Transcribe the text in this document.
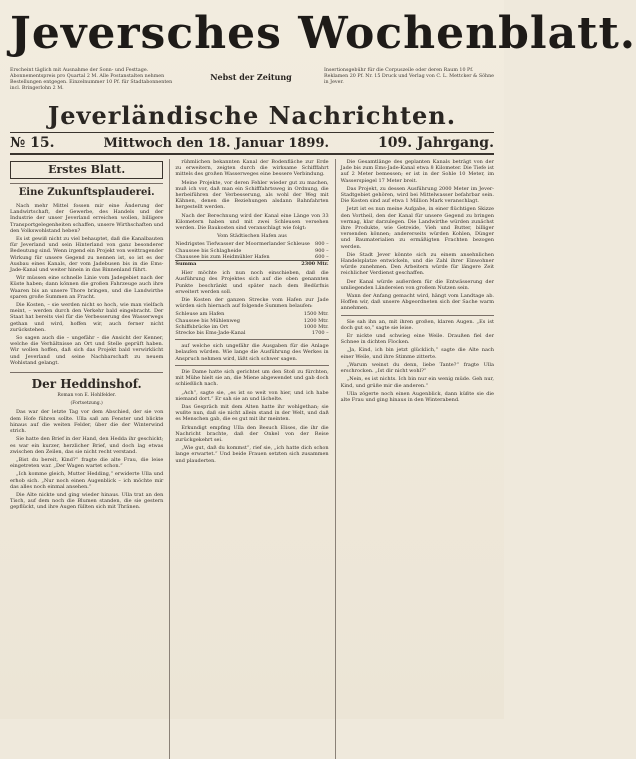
Jeversches Wochenblatt.
Erscheint täglich mit Ausnahme der Sonn- und Festtage. Abonnementspreis pro Quartal 2 M. Alle Postanstalten nehmen Bestellungen entgegen. Einzelnummer 10 Pf. für Stadtabonnenten incl. Bringerlohn 2 M.
Nebst der Zeitung
Insertionsgebühr für die Corpuszeile oder deren Raum 10 Pf. Reklamen 20 Pf. Nr. 15 Druck und Verlag von C. L. Mettcker & Söhne in Jever.
Jeverländische Nachrichten.
№ 15.	Mittwoch den 18. Januar 1899.	109. Jahrgang.
Erstes Blatt.
Eine Zukunftsplauderei.

Nach mehr Mittel fossen mir eine Änderung der Landwirtschaft, der Gewerbe, des Handels und der Industrie der unser Jeverland erreichen wollen, billigere Transportgelegenheiten schaffen, unsere Wirthschaften und den Volkswohlstand heben?

Es ist gewiß nicht zu viel behauptet, daß die Kanalbauten für Jeverland und sein Hinterland von ganz besonderer Bedeutung sind. Wenn irgend ein Projekt von weittragender Wirkung für unsere Gegend zu nennen ist, so ist es der Ausbau eines Kanals, der vom Jadebusen bis in die Ems-Jade-Kanal und weiter hinein in das Binnenland führt.

Wir müssen eine schnelle Linie vom Jadegebiet nach der Küste haben; dann können die großen Fahrzeuge auch ihre Waaren bis an unsere Thore bringen, und die Landwirthe sparen große Summen an Fracht.

Die Kosten, – sie werden nicht so hoch, wie man vielfach meint, – werden durch den Verkehr bald eingebracht. Der Staat hat bereits viel für die Verbesserung des Wasserwegs gethan und wird, hoffen wir, auch ferner nicht zurückstehen.

So sagen auch die – ungefähr – die Ansicht der Kenner, welche die Verhältnisse an Ort und Stelle geprüft haben. Wir wollen hoffen, daß sich das Projekt bald verwirklicht und Jeverland und seine Nachbarschaft zu neuem Wohlstand gelangt.

Der Heddinshof.
Roman von E. Hohlfelder.
(Fortsetzung.)

Das war der letzte Tag vor dem Abschied, der sie von dem Hofe führen sollte. Ulla saß am Fenster und blickte hinaus auf die weiten Felder, über die der Winterwind strich.

Sie hatte den Brief in der Hand, den Hedda ihr geschickt; es war ein kurzer, herzlicher Brief, und doch lag etwas zwischen den Zeilen, das sie nicht recht verstand.

„Bist du bereit, Kind?“ fragte die alte Frau, die leise eingetreten war. „Der Wagen wartet schon.“

„Ich komme gleich, Mutter Hedding,“ erwiderte Ulla und erhob sich. „Nur noch einen Augenblick – ich möchte mir das alles noch einmal ansehen.“

Die Alte nickte und ging wieder hinaus. Ulla trat an den Tisch, auf dem noch die Blumen standen, die sie gestern gepflückt, und ihre Augen füllten sich mit Thränen.

rühmlichen bekannten Kanal der Bodenfläche zur Erde zu erweitern, zeigten durch die wirksame Schifffahrt mittels des großen Wasserweges eine bessere Verbindung.

Meine Projekte, vor deren Fehler wieder gut zu machen, muß ich vor, daß man ein Schifffahrtsweg in Ordnung, die herbeiführen der Verbesserung, als wohl der Weg mit Kähnen, denen die Beziehungen alsdann Bahnfahrten hergestellt werden.

Nach der Berechnung wird der Kanal eine Länge von 33 Kilometern haben und mit zwei Schleusen versehen werden. Die Baukosten sind veranschlagt wie folgt:

Vom Städtischen Hafen aus
Niedrigstes Tiefwasser der Moormerlander Schleuse 800 –
Chaussee bis Schlagheide	900 –
Chaussee bis zum Heidmühler Hafen	600 –
Summa	2300 Mtr.

Hier möchte ich nun noch einschieben, daß die Ausführung des Projektes sich auf die oben genannten Punkte beschränkt und später nach dem Bedürfnis erweitert werden soll.

Die Kosten der ganzen Strecke vom Hafen zur Jade würden sich hiernach auf folgende Summen belaufen:

Schleuse am Hafen	1500 Mtr.
Chaussee bis Mühlenweg	1200 Mtr.
Schiffsbrücke im Ort	1000 Mtr.
Strecke bis Ems-Jade-Kanal	1700 –

auf welche sich ungefähr die Ausgaben für die Anlage belaufen würden. Wie lange die Ausführung des Werkes in Anspruch nehmen wird, läßt sich schwer sagen.

Die Dame hatte sich gerichtet um den Stoß zu fürchten, mit Mühe hielt sie an, die Miene abgewendet und gab doch schließlich nach.

„Ach“, sagte sie, „es ist so weit von hier, und ich habe niemand dort.“ Er sah sie an und lächelte.

Das Gespräch mit dem Alten hatte ihr wohlgethan; sie wußte nun, daß sie nicht allein stand in der Welt, und daß es Menschen gab, die es gut mit ihr meinten.

Erkundigt empfing Ulla den Besuch Elises, die ihr die Nachricht brachte, daß der Onkel von der Reise zurückgekehrt sei.

„Wie gut, daß du kommst“, rief sie, „ich hatte dich schon lange erwartet.“ Und beide Frauen setzten sich zusammen und plauderten.

Die Gesamtlänge des geplanten Kanals beträgt von der Jade bis zum Ems-Jade-Kanal etwa 8 Kilometer. Die Tiefe ist auf 2 Meter bemessen; er ist in der Sohle 10 Meter, im Wasserspiegel 17 Meter breit.

Das Projekt, zu dessen Ausführung 2000 Meter im Jever-Stadtgebiet gehören, wird bei Mittelwasser befahrbar sein. Die Kosten sind auf etwa 1 Million Mark veranschlagt.

Jetzt ist es nun meine Aufgabe, in einer flüchtigen Skizze den Vortheil, den der Kanal für unsere Gegend zu bringen vermag, klar darzulegen. Die Landwirthe würden zunächst ihre Produkte, wie Getreide, Vieh und Butter, billiger versenden können; andererseits würden Kohlen, Dünger und Baumaterialien zu ermäßigten Frachten bezogen werden.

Die Stadt Jever könnte sich zu einem ansehnlichen Handelsplatze entwickeln, und die Zahl ihrer Einwohner würde zunehmen. Den Arbeitern würde für längere Zeit reichlicher Verdienst geschaffen.

Der Kanal würde außerdem für die Entwässerung der umliegenden Ländereien von großem Nutzen sein.

Wann der Anfang gemacht wird, hängt vom Landtage ab. Hoffen wir, daß unsere Abgeordneten sich der Sache warm annehmen.

Sie sah ihn an, mit ihren großen, klaren Augen. „Es ist doch gut so,“ sagte sie leise.

Er nickte und schwieg eine Weile. Draußen fiel der Schnee in dichten Flocken.

„Ja, Kind, ich bin jetzt glücklich,“ sagte die Alte nach einer Weile, und ihre Stimme zitterte.

„Warum weinst du denn, liebe Tante?“ fragte Ulla erschrocken. „Ist dir nicht wohl?“

„Nein, es ist nichts. Ich bin nur ein wenig müde. Geh nur, Kind, und grüße mir die anderen.“

Ulla zögerte noch einen Augenblick, dann küßte sie die alte Frau und ging hinaus in den Winterabend.
